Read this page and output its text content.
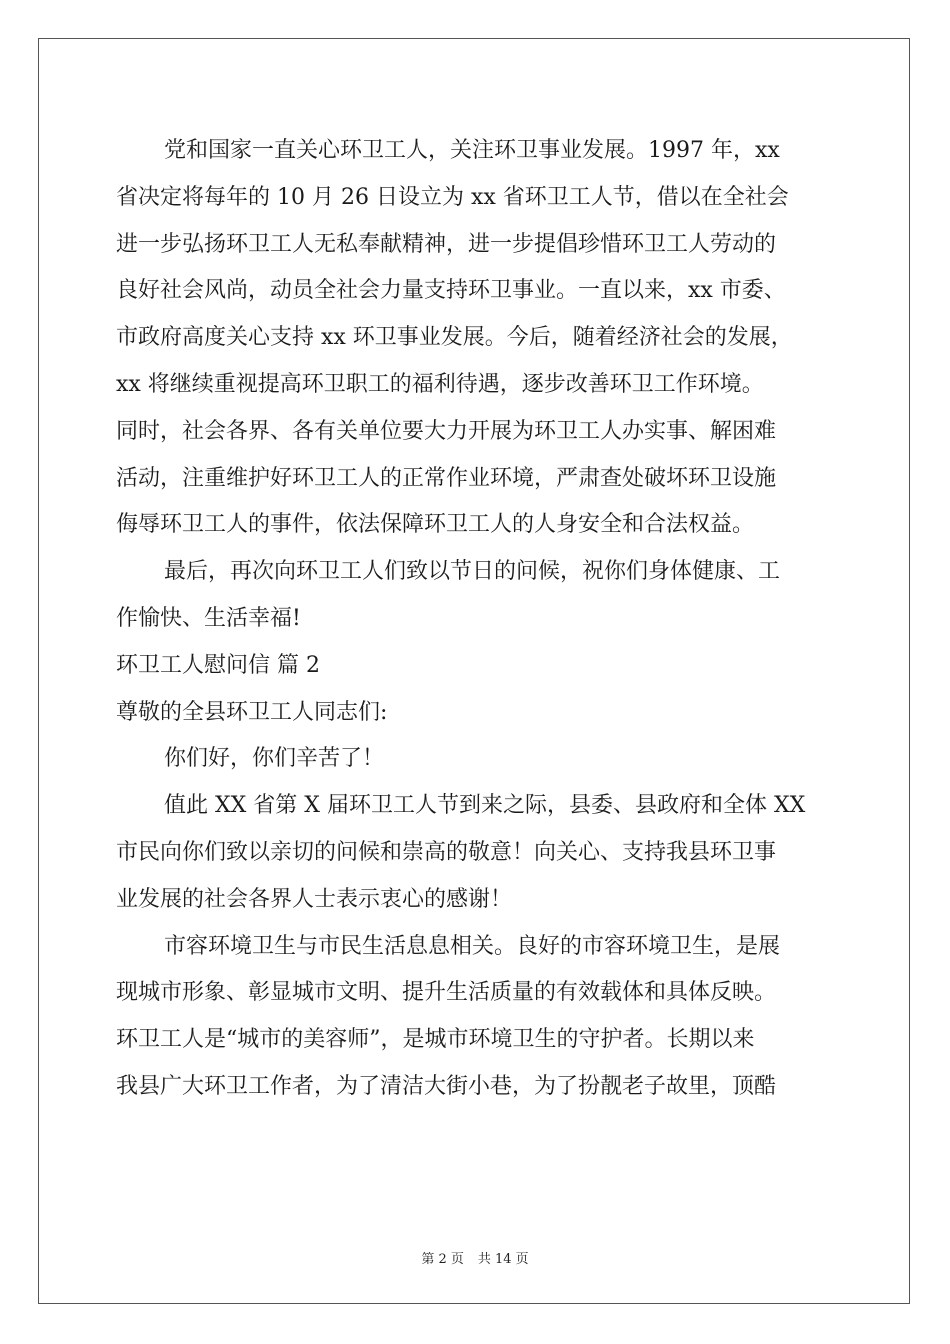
党和国家一直关心环卫工人，关注环卫事业发展。1997 年，xx
省决定将每年的 10 月 26 日设立为 xx 省环卫工人节，借以在全社会
进一步弘扬环卫工人无私奉献精神，进一步提倡珍惜环卫工人劳动的
良好社会风尚，动员全社会力量支持环卫事业。一直以来，xx 市委、
市政府高度关心支持 xx 环卫事业发展。今后，随着经济社会的发展，
xx 将继续重视提高环卫职工的福利待遇，逐步改善环卫工作环境。
同时，社会各界、各有关单位要大力开展为环卫工人办实事、解困难
活动，注重维护好环卫工人的正常作业环境，严肃查处破坏环卫设施
侮辱环卫工人的事件，依法保障环卫工人的人身安全和合法权益。
最后，再次向环卫工人们致以节日的问候，祝你们身体健康、工
作愉快、生活幸福!
环卫工人慰问信 篇 2
尊敬的全县环卫工人同志们:
你们好，你们辛苦了！
值此 XX 省第 X 届环卫工人节到来之际，县委、县政府和全体 XX
市民向你们致以亲切的问候和崇高的敬意！向关心、支持我县环卫事
业发展的社会各界人士表示衷心的感谢！
市容环境卫生与市民生活息息相关。良好的市容环境卫生，是展
现城市形象、彰显城市文明、提升生活质量的有效载体和具体反映。
环卫工人是“城市的美容师”，是城市环境卫生的守护者。长期以来
我县广大环卫工作者，为了清洁大街小巷，为了扮靓老子故里，顶酷
第 2 页 共 14 页
